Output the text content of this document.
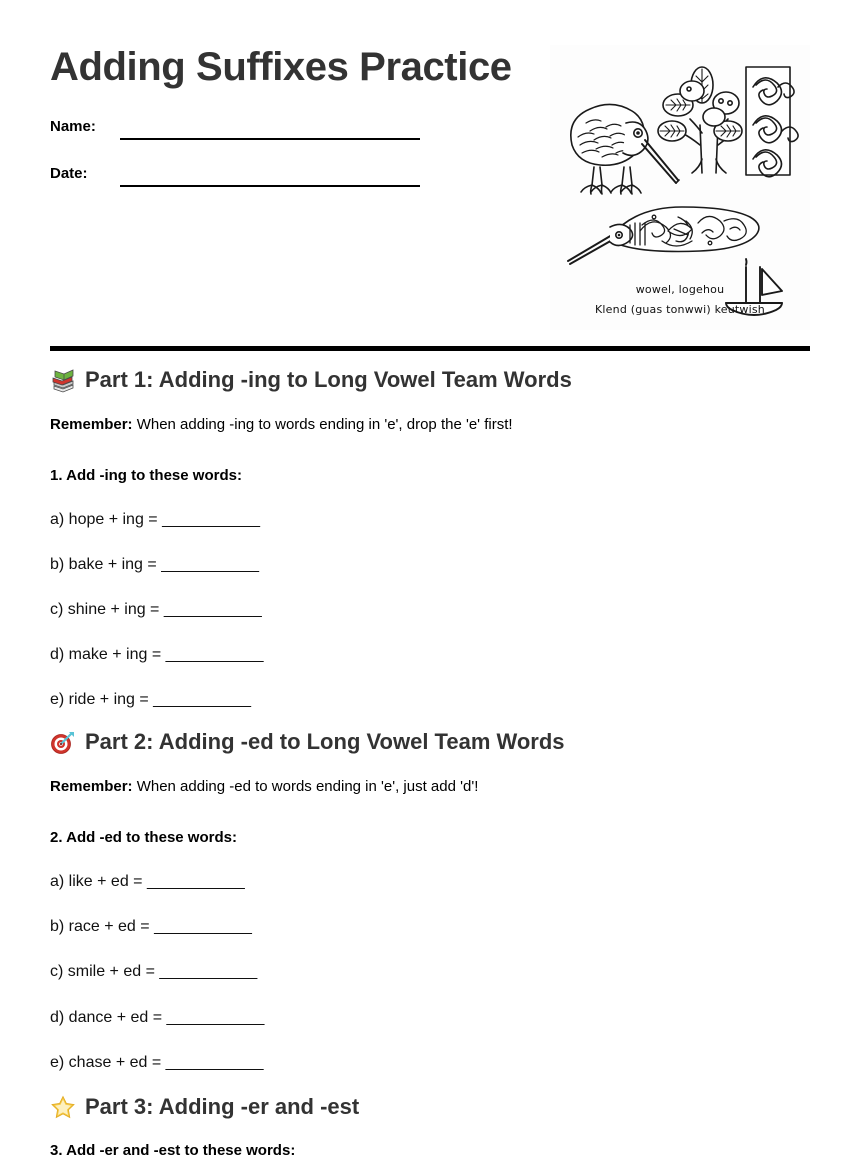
Adding Suffixes Practice
Name:
Date:
wowel, logehou
Klend (guas tonwwi) keutwish
Part 1: Adding -ing to Long Vowel Team Words

Remember: When adding -ing to words ending in 'e', drop the 'e' first!

1. Add -ing to these words:

a) hope + ing = ___________
b) bake + ing = ___________
c) shine + ing = ___________
d) make + ing = ___________
e) ride + ing = ___________
Part 2: Adding -ed to Long Vowel Team Words

Remember: When adding -ed to words ending in 'e', just add 'd'!

2. Add -ed to these words:

a) like + ed = ___________
b) race + ed = ___________
c) smile + ed = ___________
d) dance + ed = ___________
e) chase + ed = ___________
Part 3: Adding -er and -est

3. Add -er and -est to these words:
